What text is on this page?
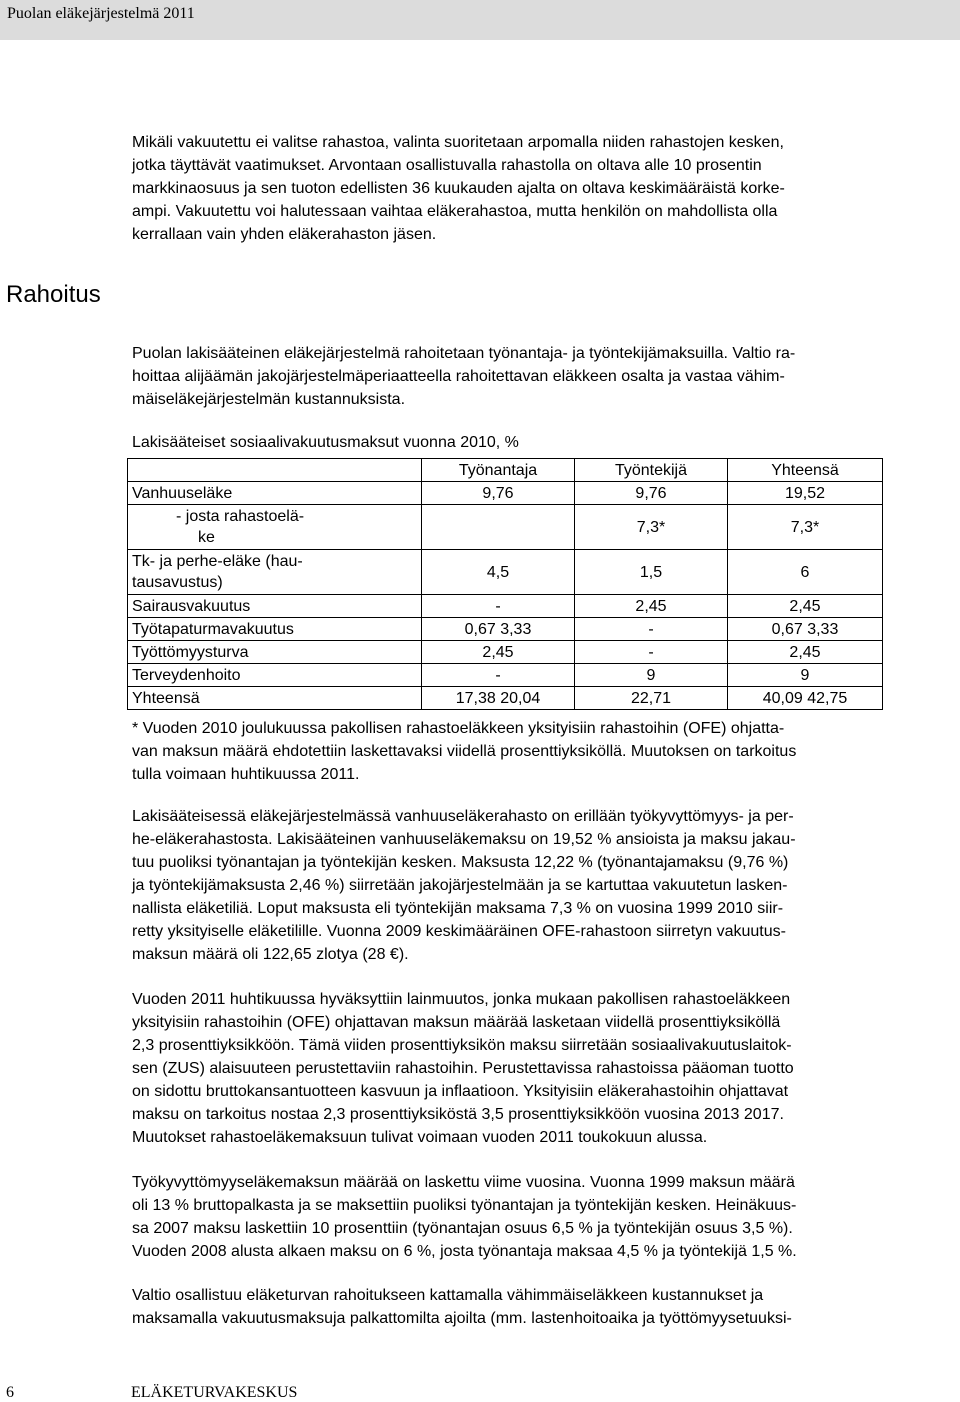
Puolan eläkejärjestelmä 2011
Mikäli vakuutettu ei valitse rahastoa, valinta suoritetaan arpomalla niiden rahastojen kesken,
jotka täyttävät vaatimukset. Arvontaan osallistuvalla rahastolla on oltava alle 10 prosentin
markkinaosuus ja sen tuoton edellisten 36 kuukauden ajalta on oltava keskimääräistä korke-
ampi. Vakuutettu voi halutessaan vaihtaa eläkerahastoa, mutta henkilön on mahdollista olla
kerrallaan vain yhden eläkerahaston jäsen.
Rahoitus
Puolan lakisääteinen eläkejärjestelmä rahoitetaan työnantaja- ja työntekijämaksuilla. Valtio ra-
hoittaa alijäämän jakojärjestelmäperiaatteella rahoitettavan eläkkeen osalta ja vastaa vähim-
mäiseläkejärjestelmän kustannuksista.
Lakisääteiset sosiaalivakuutusmaksut vuonna 2010, %
	Työnantaja	Työntekijä	Yhteensä
Vanhuuseläke	9,76	9,76	19,52
- josta rahastoelä-
ke		7,3*	7,3*
Tk- ja perhe-eläke (hau-
tausavustus)	4,5	1,5	6
Sairausvakuutus	-	2,45	2,45
Työtapaturmavakuutus	0,67 3,33	-	0,67 3,33
Työttömyysturva	2,45	-	2,45
Terveydenhoito	-	9	9
Yhteensä	17,38 20,04	22,71	40,09 42,75
* Vuoden 2010 joulukuussa pakollisen rahastoeläkkeen yksityisiin rahastoihin (OFE) ohjatta-
van maksun määrä ehdotettiin laskettavaksi viidellä prosenttiyksiköllä. Muutoksen on tarkoitus
tulla voimaan huhtikuussa 2011.
Lakisääteisessä eläkejärjestelmässä vanhuuseläkerahasto on erillään työkyvyttömyys- ja per-
he-eläkerahastosta. Lakisääteinen vanhuuseläkemaksu on 19,52 % ansioista ja maksu jakau-
tuu puoliksi työnantajan ja työntekijän kesken. Maksusta 12,22 % (työnantajamaksu (9,76 %)
ja työntekijämaksusta 2,46 %) siirretään jakojärjestelmään ja se kartuttaa vakuutetun lasken-
nallista eläketiliä. Loput maksusta eli työntekijän maksama 7,3 % on vuosina 1999 2010 siir-
retty yksityiselle eläketilille. Vuonna 2009 keskimääräinen OFE-rahastoon siirretyn vakuutus-
maksun määrä oli 122,65 zlotya (28 €).
Vuoden 2011 huhtikuussa hyväksyttiin lainmuutos, jonka mukaan pakollisen rahastoeläkkeen
yksityisiin rahastoihin (OFE) ohjattavan maksun määrää lasketaan viidellä prosenttiyksiköllä
2,3 prosenttiyksikköön. Tämä viiden prosenttiyksikön maksu siirretään sosiaalivakuutuslaitok-
sen (ZUS) alaisuuteen perustettaviin rahastoihin. Perustettavissa rahastoissa pääoman tuotto
on sidottu bruttokansantuotteen kasvuun ja inflaatioon. Yksityisiin eläkerahastoihin ohjattavat
maksu on tarkoitus nostaa 2,3 prosenttiyksiköstä 3,5 prosenttiyksikköön vuosina 2013 2017.
Muutokset rahastoeläkemaksuun tulivat voimaan vuoden 2011 toukokuun alussa.
Työkyvyttömyyseläkemaksun määrää on laskettu viime vuosina. Vuonna 1999 maksun määrä
oli 13 % bruttopalkasta ja se maksettiin puoliksi työnantajan ja työntekijän kesken. Heinäkuus-
sa 2007 maksu laskettiin 10 prosenttiin (työnantajan osuus 6,5 % ja työntekijän osuus 3,5 %).
Vuoden 2008 alusta alkaen maksu on 6 %, josta työnantaja maksaa 4,5 % ja työntekijä 1,5 %.
Valtio osallistuu eläketurvan rahoitukseen kattamalla vähimmäiseläkkeen kustannukset ja
maksamalla vakuutusmaksuja palkattomilta ajoilta (mm. lastenhoitoaika ja työttömyysetuuksi-
6	ELÄKETURVAKESKUS
